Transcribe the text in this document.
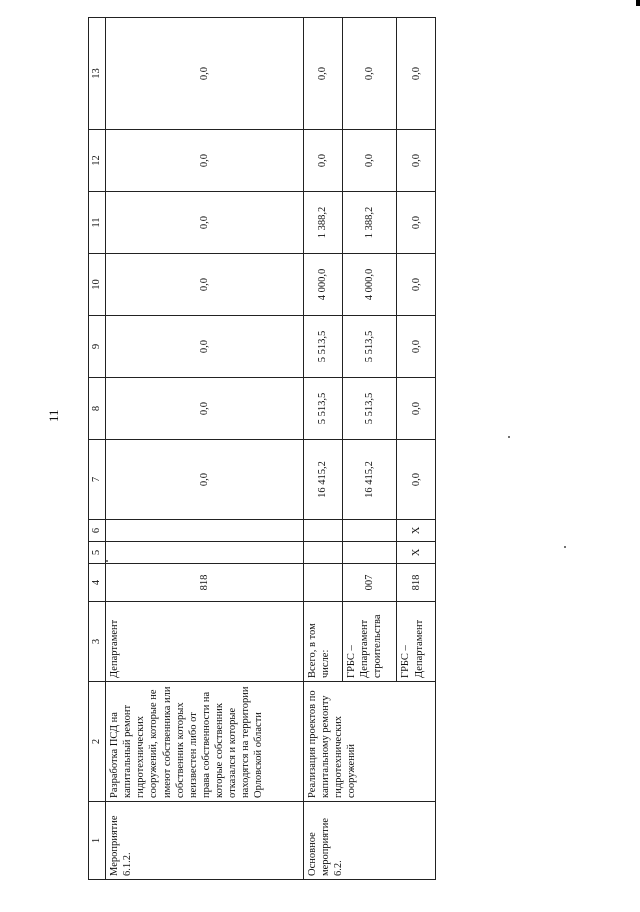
11
1	2	3	4	5	6	7	8	9	10	11	12	13
Мероприятие 6.1.2.	Разработка ПСД на капитальный ремонт гидротехнических сооружений, которые не имеют собственника или собственник которых неизвестен либо от права собственности на которые собственник отказался и которые находятся на территории Орловской области	Департамент	818			0,0	0,0	0,0	0,0	0,0	0,0	0,0
Основное мероприятие 6.2.	Реализация проектов по капитальному ремонту гидротехнических сооружений	Всего, в том числе:				16 415,2	5 513,5	5 513,5	4 000,0	1 388,2	0,0	0,0
		ГРБС – Департамент строительства	007			16 415,2	5 513,5	5 513,5	4 000,0	1 388,2	0,0	0,0
		ГРБС – Департамент	818	X	X	0,0	0,0	0,0	0,0	0,0	0,0	0,0
